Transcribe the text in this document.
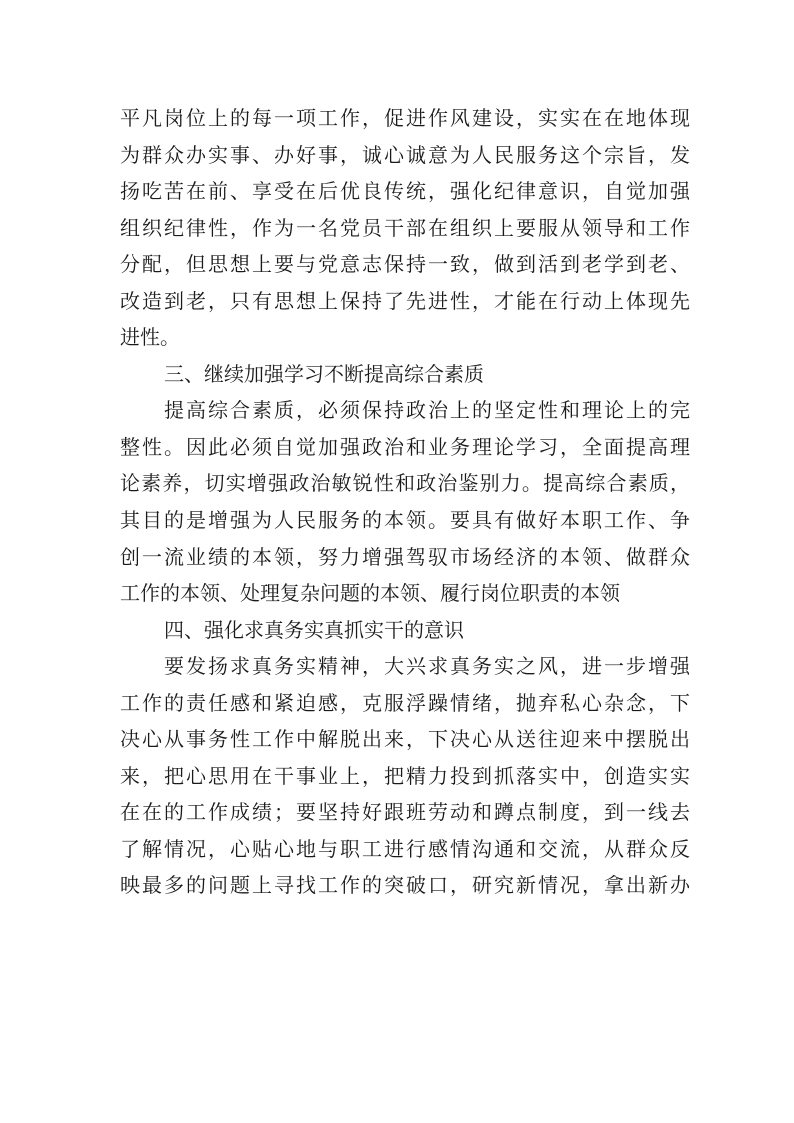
平凡岗位上的每一项工作，促进作风建设，实实在在地体现
为群众办实事、办好事，诚心诚意为人民服务这个宗旨，发
扬吃苦在前、享受在后优良传统，强化纪律意识，自觉加强
组织纪律性，作为一名党员干部在组织上要服从领导和工作
分配，但思想上要与党意志保持一致，做到活到老学到老、
改造到老，只有思想上保持了先进性，才能在行动上体现先
进性。
三、继续加强学习不断提高综合素质
提高综合素质，必须保持政治上的坚定性和理论上的完
整性。因此必须自觉加强政治和业务理论学习，全面提高理
论素养，切实增强政治敏锐性和政治鉴别力。提高综合素质，
其目的是增强为人民服务的本领。要具有做好本职工作、争
创一流业绩的本领，努力增强驾驭市场经济的本领、做群众
工作的本领、处理复杂问题的本领、履行岗位职责的本领
四、强化求真务实真抓实干的意识
要发扬求真务实精神，大兴求真务实之风，进一步增强
工作的责任感和紧迫感，克服浮躁情绪，抛弃私心杂念，下
决心从事务性工作中解脱出来，下决心从送往迎来中摆脱出
来，把心思用在干事业上，把精力投到抓落实中，创造实实
在在的工作成绩；要坚持好跟班劳动和蹲点制度，到一线去
了解情况，心贴心地与职工进行感情沟通和交流，从群众反
映最多的问题上寻找工作的突破口，研究新情况，拿出新办
